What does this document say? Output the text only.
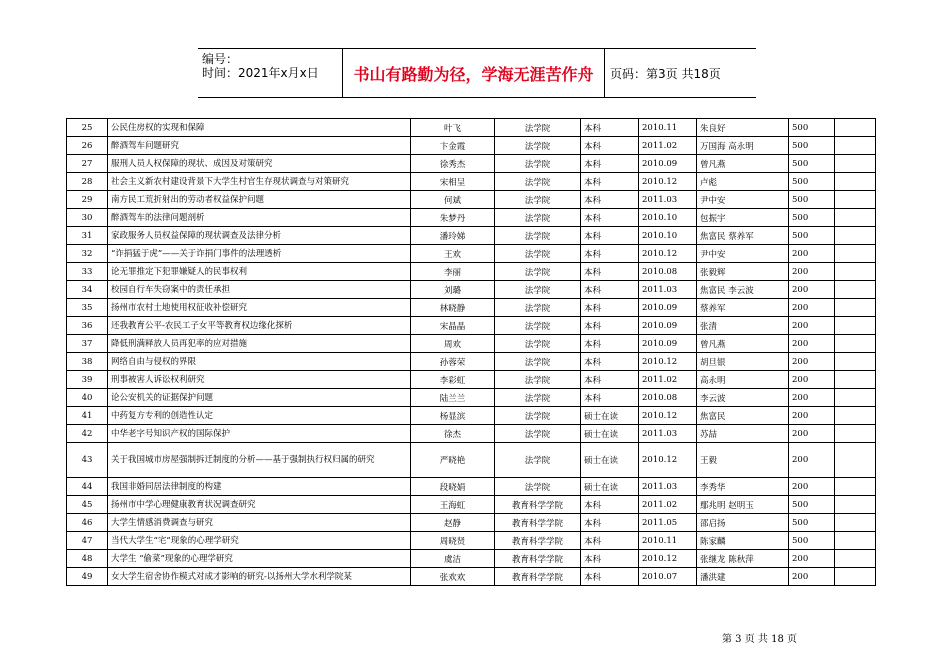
编号：
时间：2021年x月x日	书山有路勤为径，学海无涯苦作舟	页码：第3页 共18页
25	公民住房权的实现和保障	叶飞	法学院	本科	2010.11	朱良好	500	
26	醉酒驾车问题研究	卞金霞	法学院	本科	2011.02	万国海 高永明	500	
27	服刑人员人权保障的现状、成因及对策研究	徐秀杰	法学院	本科	2010.09	曾凡燕	500	
28	社会主义新农村建设背景下大学生村官生存现状调查与对策研究	宋相呈	法学院	本科	2010.12	卢彪	500	
29	南方民工荒折射出的劳动者权益保护问题	何斌	法学院	本科	2011.03	尹中安	500	
30	醉酒驾车的法律问题剖析	朱梦丹	法学院	本科	2010.10	包振宇	500	
31	家政服务人员权益保障的现状调查及法律分析	潘玲娣	法学院	本科	2010.10	焦富民 蔡养军	500	
32	“诈捐猛于虎”——关于诈捐门事件的法理透析	王欢	法学院	本科	2010.12	尹中安	200	
33	论无罪推定下犯罪嫌疑人的民事权利	李丽	法学院	本科	2010.08	张毅辉	200	
34	校园自行车失窃案中的责任承担	刘璐	法学院	本科	2011.03	焦富民 李云波	200	
35	扬州市农村土地使用权征收补偿研究	林晓静	法学院	本科	2010.09	蔡养军	200	
36	还我教育公平-农民工子女平等教育权边缘化探析	宋晶晶	法学院	本科	2010.09	张清	200	
37	降低刑满释放人员再犯率的应对措施	周欢	法学院	本科	2010.09	曾凡燕	200	
38	网络自由与侵权的界限	孙蓉荣	法学院	本科	2010.12	胡旦银	200	
39	刑事被害人诉讼权利研究	李彩虹	法学院	本科	2011.02	高永明	200	
40	论公安机关的证据保护问题	陆兰兰	法学院	本科	2010.08	李云波	200	
41	中药复方专利的创造性认定	杨显滨	法学院	硕士在读	2010.12	焦富民	200	
42	中华老字号知识产权的国际保护	徐杰	法学院	硕士在读	2011.03	苏喆	200	
43	关于我国城市房屋强制拆迁制度的分析——基于强制执行权归属的研究	严晓艳	法学院	硕士在读	2010.12	王毅	200	
44	我国非婚同居法律制度的构建	段晓娟	法学院	硕士在读	2011.03	李秀华	200	
45	扬州市中学心理健康教育状况调查研究	王海虹	教育科学学院	本科	2011.02	鄢兆明 赵明玉	500	
46	大学生情感消费调查与研究	赵静	教育科学学院	本科	2011.05	邵启扬	500	
47	当代大学生“宅”现象的心理学研究	周晓贤	教育科学学院	本科	2010.11	陈家麟	500	
48	大学生 “偷菜”现象的心理学研究	虞洁	教育科学学院	本科	2010.12	张继龙 陈秋萍	200	
49	女大学生宿舍协作模式对成才影响的研究-以扬州大学水利学院某	张欢欢	教育科学学院	本科	2010.07	潘洪建	200	
第 3 页 共 18 页
